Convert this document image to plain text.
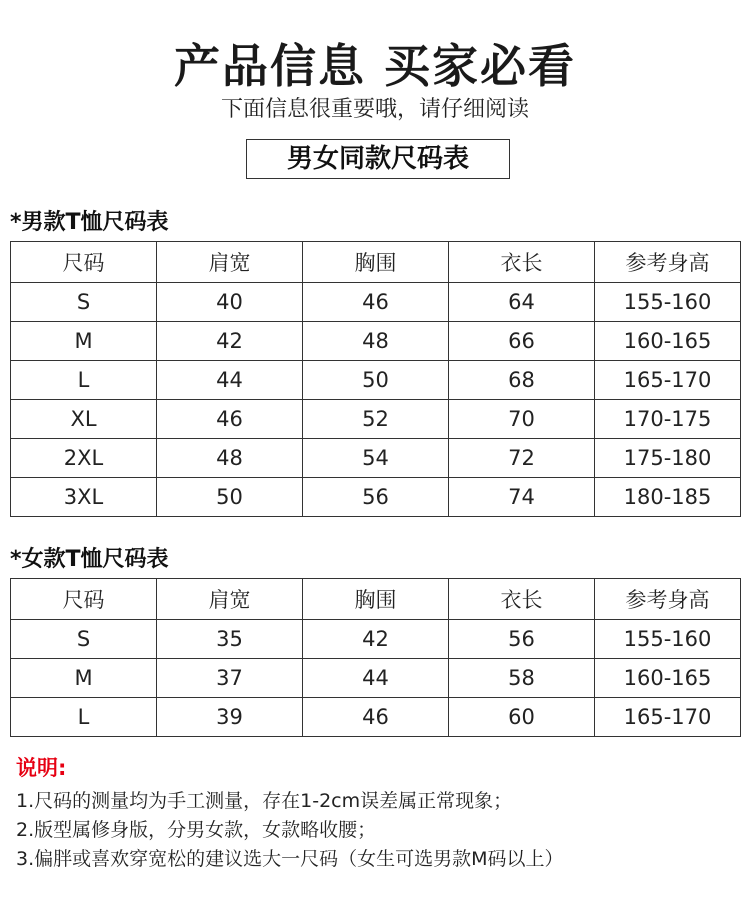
产品信息 买家必看
下面信息很重要哦，请仔细阅读
男女同款尺码表
*男款T恤尺码表
尺码	肩宽	胸围	衣长	参考身高
S	40	46	64	155-160
M	42	48	66	160-165
L	44	50	68	165-170
XL	46	52	70	170-175
2XL	48	54	72	175-180
3XL	50	56	74	180-185
*女款T恤尺码表
尺码	肩宽	胸围	衣长	参考身高
S	35	42	56	155-160
M	37	44	58	160-165
L	39	46	60	165-170
说明:
1.尺码的测量均为手工测量，存在1-2cm误差属正常现象；
2.版型属修身版，分男女款，女款略收腰；
3.偏胖或喜欢穿宽松的建议选大一尺码（女生可选男款M码以上）
